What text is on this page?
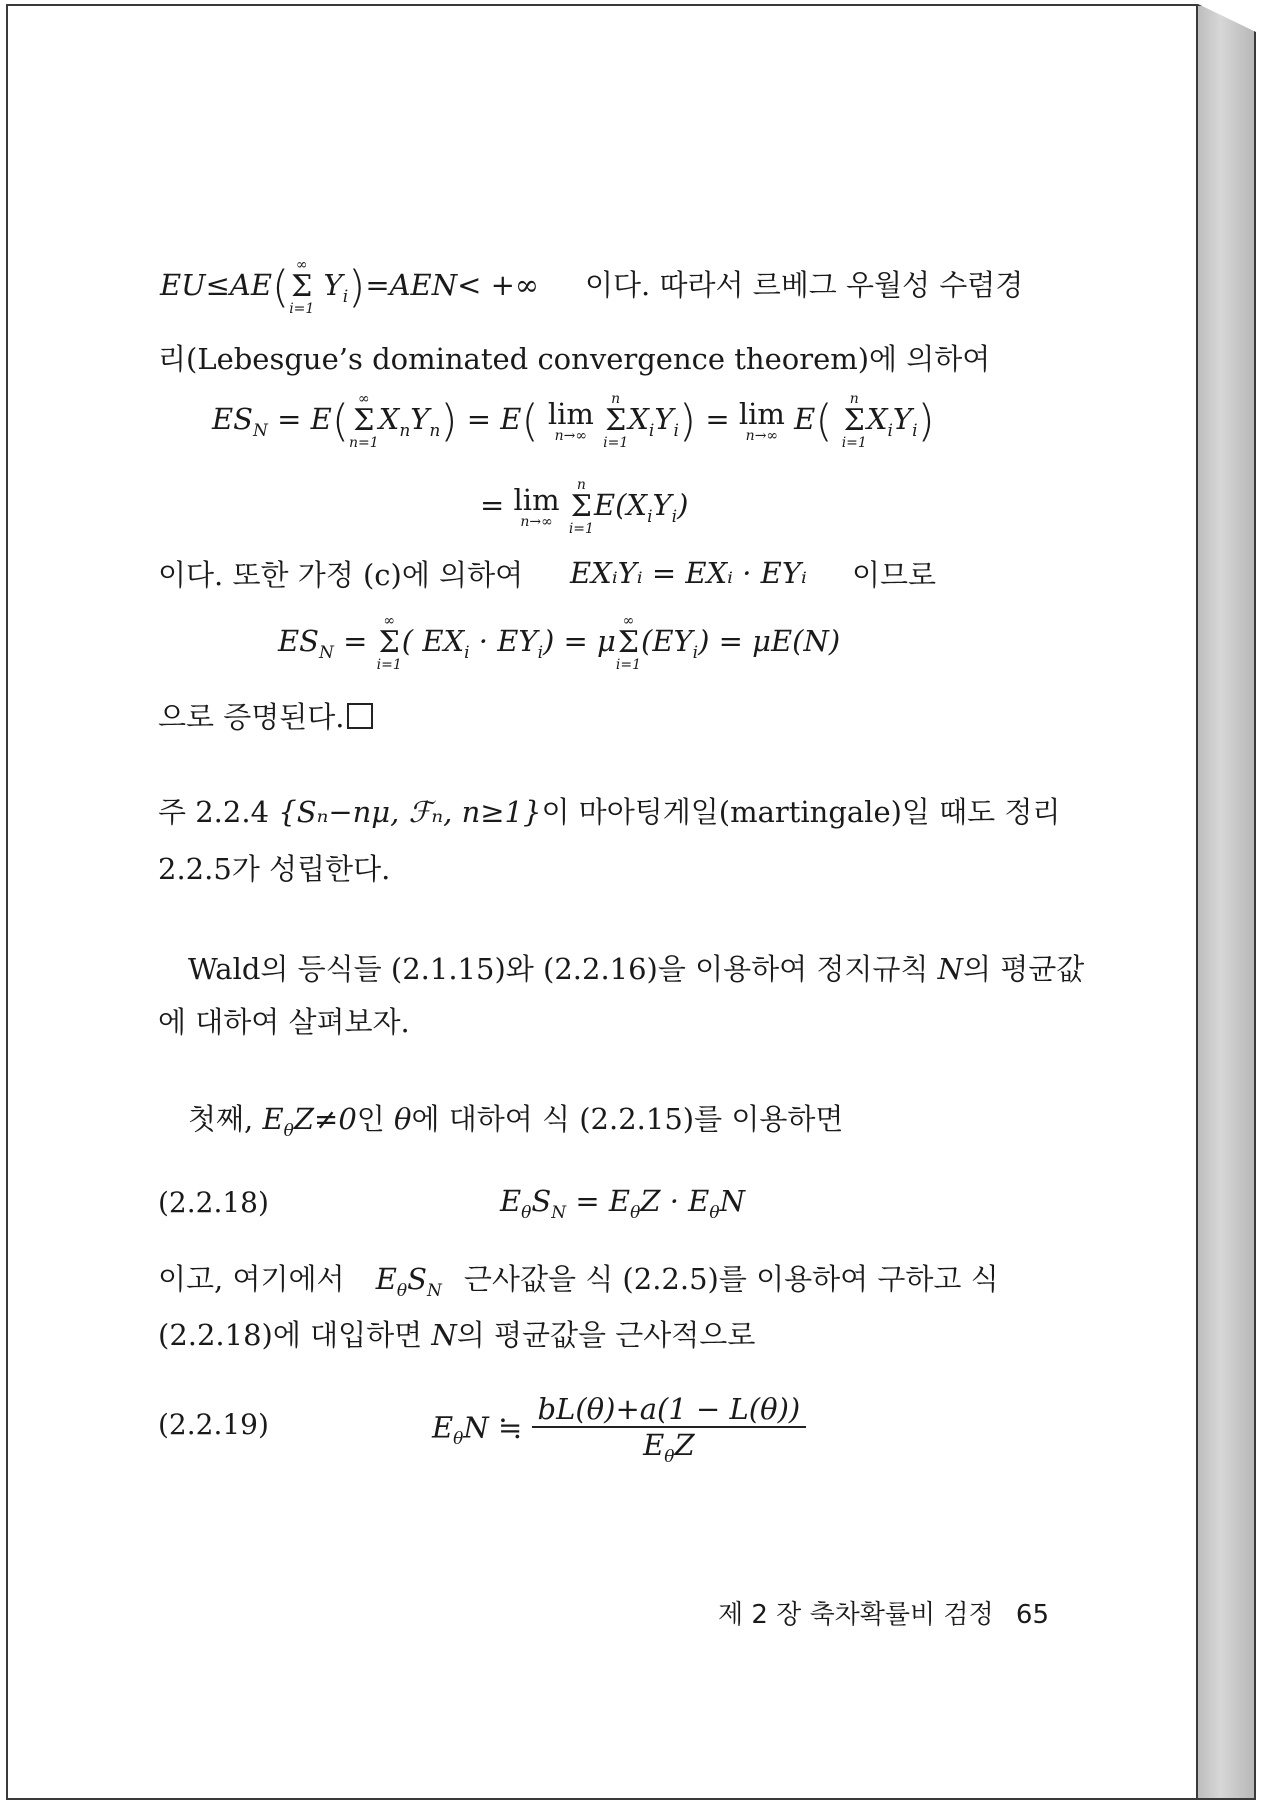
EU≤AE( ∞
Σ
i=1
$Y_i)=AEN<$ +∞ 이다. 따라서 르베그 우월성 수렴경
리(Lebesgue’s dominated convergence theorem)에 의하여
$ES_N = E$( ∞
Σ
n=1
$X_nY_n) = E$( lim
n→∞

n
Σ
i=1
$X_iY_i) = \lim$
n→∞ E(	n
Σ
i=1
$X_iY_i$)
= lim
n→∞

n
Σ
i=1
$E(X_iY_i)$
이다. 또한 가정 (c)에 의하여 EXᵢYᵢ = EXᵢ · EYᵢ 이므로
$ES_N$ =
∞
Σ
i=1
( $EX_i \cdot EY_i) = \mu$
∞
Σ
i=1
$(EY_i) = \mu E(N)$
으로 증명된다.
주 2.2.4 {Sₙ−nμ, ℱₙ, n≥1}이 마아팅게일(martingale)일 때도 정리
2.2.5가 성립한다.
Wald의 등식들 (2.1.15)와 (2.2.16)을 이용하여 정지규칙 N의 평균값
에 대하여 살펴보자.
첫째, $E_\theta Z\ne 0$인 θ에 대하여 식 (2.2.15)를 이용하면
(2.2.18)	$E_\theta S_N = E_\theta Z \cdot E_\theta N$
이고, 여기에서 $E_\theta S_N$ 근사값을 식 (2.2.5)를 이용하여 구하고 식
(2.2.18)에 대입하면 N의 평균값을 근사적으로
(2.2.19)	$E_\theta N$ ≒ $\frac{bL(\theta)+a(1 - L(\theta))}{E_\theta Z}$
제 2 장 축차확률비 검정 65
